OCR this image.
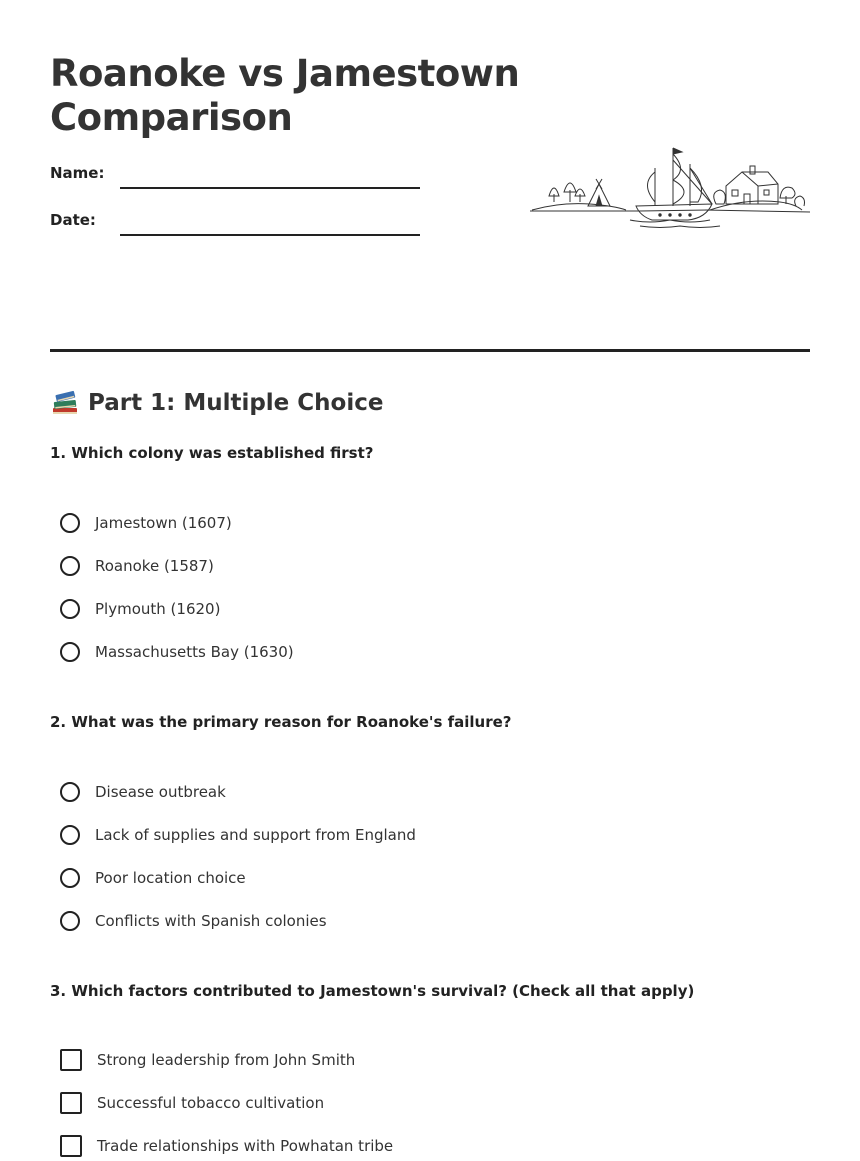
Roanoke vs Jamestown Comparison
Name:
Date:
Part 1: Multiple Choice

1. Which colony was established first?

Jamestown (1607)
Roanoke (1587)
Plymouth (1620)
Massachusetts Bay (1630)

2. What was the primary reason for Roanoke's failure?

Disease outbreak
Lack of supplies and support from England
Poor location choice
Conflicts with Spanish colonies

3. Which factors contributed to Jamestown's survival? (Check all that apply)

Strong leadership from John Smith
Successful tobacco cultivation
Trade relationships with Powhatan tribe
